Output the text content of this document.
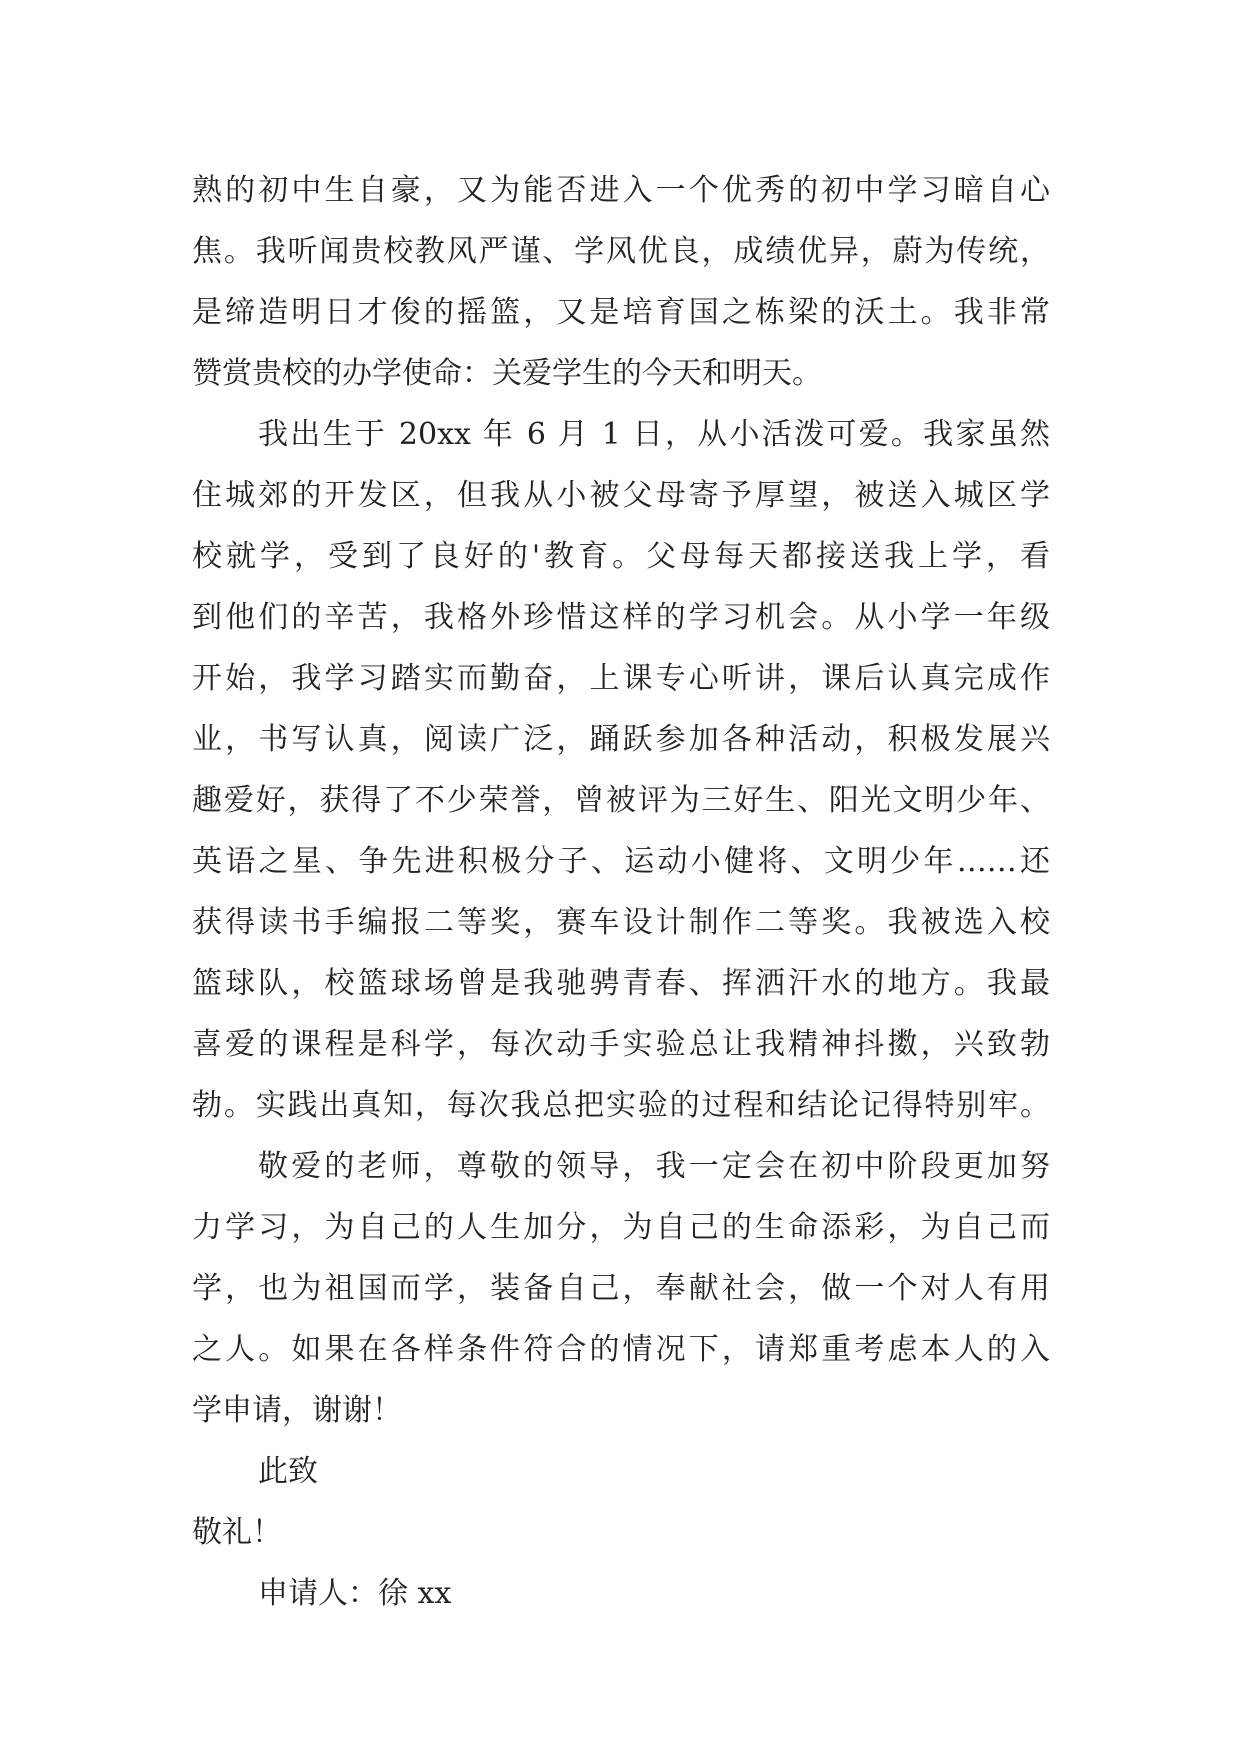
熟的初中生自豪，又为能否进入一个优秀的初中学习暗自心
焦。我听闻贵校教风严谨、学风优良，成绩优异，蔚为传统，
是缔造明日才俊的摇篮，又是培育国之栋梁的沃土。我非常
赞赏贵校的办学使命：关爱学生的今天和明天。
我出生于 20xx 年 6 月 1 日，从小活泼可爱。我家虽然
住城郊的开发区，但我从小被父母寄予厚望，被送入城区学
校就学，受到了良好的'教育。父母每天都接送我上学，看
到他们的辛苦，我格外珍惜这样的学习机会。从小学一年级
开始，我学习踏实而勤奋，上课专心听讲，课后认真完成作
业，书写认真，阅读广泛，踊跃参加各种活动，积极发展兴
趣爱好，获得了不少荣誉，曾被评为三好生、阳光文明少年、
英语之星、争先进积极分子、运动小健将、文明少年……还
获得读书手编报二等奖，赛车设计制作二等奖。我被选入校
篮球队，校篮球场曾是我驰骋青春、挥洒汗水的地方。我最
喜爱的课程是科学，每次动手实验总让我精神抖擞，兴致勃
勃。实践出真知，每次我总把实验的过程和结论记得特别牢。
敬爱的老师，尊敬的领导，我一定会在初中阶段更加努
力学习，为自己的人生加分，为自己的生命添彩，为自己而
学，也为祖国而学，装备自己，奉献社会，做一个对人有用
之人。如果在各样条件符合的情况下，请郑重考虑本人的入
学申请，谢谢！
此致
敬礼！
申请人：徐 xx
